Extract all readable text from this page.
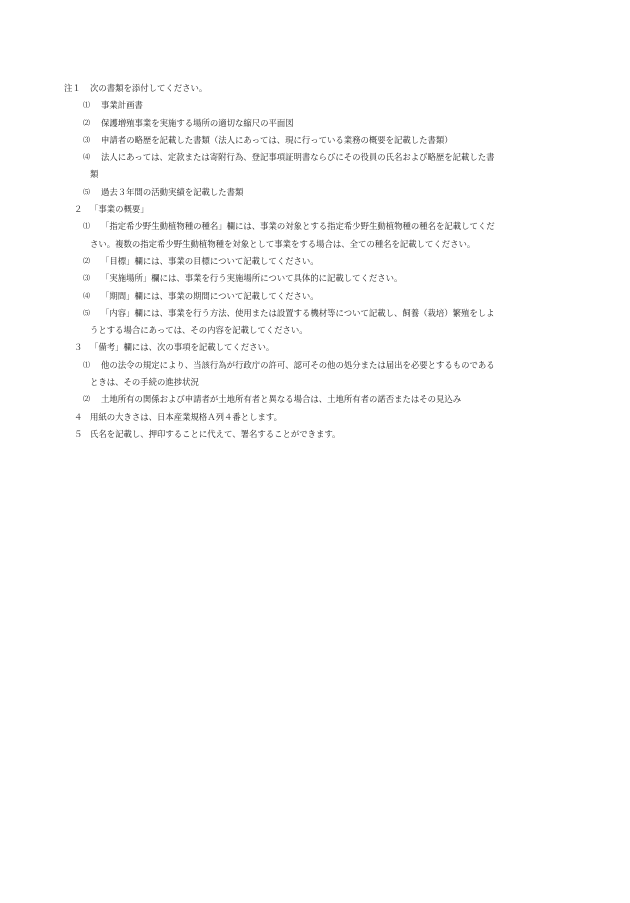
注１ 次の書類を添付してください。
⑴ 事業計画書
⑵ 保護増殖事業を実施する場所の適切な縮尺の平面図
⑶ 申請者の略歴を記載した書類（法人にあっては、現に行っている業務の概要を記載した書類）
⑷ 法人にあっては、定款または寄附行為、登記事項証明書ならびにその役員の氏名および略歴を記載した書
類
⑸ 過去３年間の活動実績を記載した書類
２ 「事業の概要」
⑴ 「指定希少野生動植物種の種名」欄には、事業の対象とする指定希少野生動植物種の種名を記載してくだ
さい。複数の指定希少野生動植物種を対象として事業をする場合は、全ての種名を記載してください。
⑵ 「目標」欄には、事業の目標について記載してください。
⑶ 「実施場所」欄には、事業を行う実施場所について具体的に記載してください。
⑷ 「期間」欄には、事業の期間について記載してください。
⑸ 「内容」欄には、事業を行う方法、使用または設置する機材等について記載し、飼養（栽培）繁殖をしよ
うとする場合にあっては、その内容を記載してください。
３ 「備考」欄には、次の事項を記載してください。
⑴ 他の法令の規定により、当該行為が行政庁の許可、認可その他の処分または届出を必要とするものである
ときは、その手続の進捗状況
⑵ 土地所有の関係および申請者が土地所有者と異なる場合は、土地所有者の諾否またはその見込み
４ 用紙の大きさは、日本産業規格Ａ列４番とします。
５ 氏名を記載し、押印することに代えて、署名することができます。
